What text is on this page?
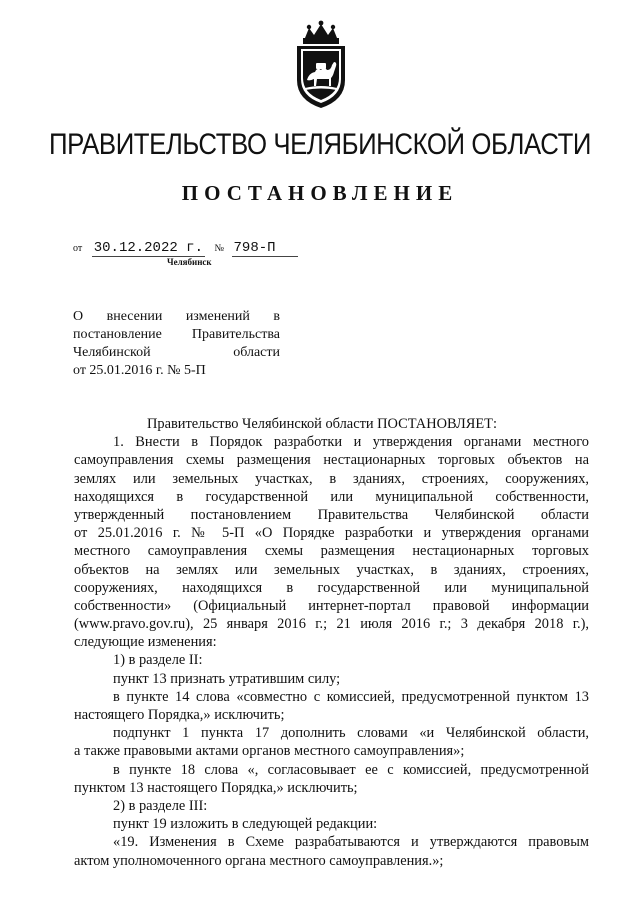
ПРАВИТЕЛЬСТВО ЧЕЛЯБИНСКОЙ ОБЛАСТИ
ПОСТАНОВЛЕНИЕ
от 30.12.2022 г. № 798-П
Челябинск
О внесении изменений в
постановление Правительства
Челябинской области
от 25.01.2016 г. № 5-П
Правительство Челябинской области ПОСТАНОВЛЯЕТ:
1. Внести в Порядок разработки и утверждения органами местного
самоуправления схемы размещения нестационарных торговых объектов на
землях или земельных участках, в зданиях, строениях, сооружениях,
находящихся в государственной или муниципальной собственности,
утвержденный постановлением Правительства Челябинской области
от 25.01.2016 г. № 5-П «О Порядке разработки и утверждения органами
местного самоуправления схемы размещения нестационарных торговых
объектов на землях или земельных участках, в зданиях, строениях,
сооружениях, находящихся в государственной или муниципальной
собственности» (Официальный интернет-портал правовой информации
(www.pravo.gov.ru), 25 января 2016 г.; 21 июля 2016 г.; 3 декабря 2018 г.),
следующие изменения:
1) в разделе II:
пункт 13 признать утратившим силу;
в пункте 14 слова «совместно с комиссией, предусмотренной пунктом 13
настоящего Порядка,» исключить;
подпункт 1 пункта 17 дополнить словами «и Челябинской области,
а также правовыми актами органов местного самоуправления»;
в пункте 18 слова «, согласовывает ее с комиссией, предусмотренной
пунктом 13 настоящего Порядка,» исключить;
2) в разделе III:
пункт 19 изложить в следующей редакции:
«19. Изменения в Схеме разрабатываются и утверждаются правовым
актом уполномоченного органа местного самоуправления.»;
